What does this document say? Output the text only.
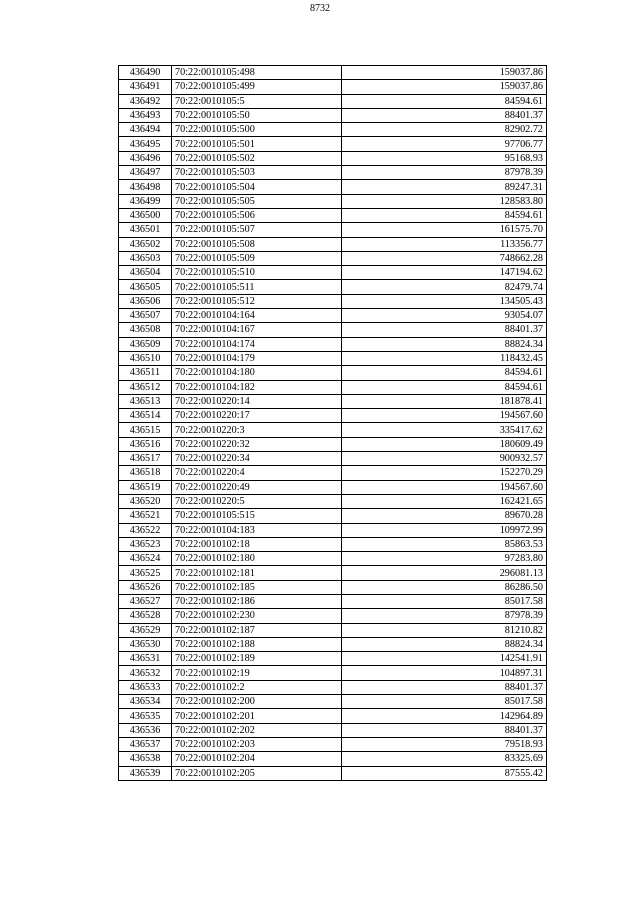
8732
436490	70:22:0010105:498	159037.86
436491	70:22:0010105:499	159037.86
436492	70:22:0010105:5	84594.61
436493	70:22:0010105:50	88401.37
436494	70:22:0010105:500	82902.72
436495	70:22:0010105:501	97706.77
436496	70:22:0010105:502	95168.93
436497	70:22:0010105:503	87978.39
436498	70:22:0010105:504	89247.31
436499	70:22:0010105:505	128583.80
436500	70:22:0010105:506	84594.61
436501	70:22:0010105:507	161575.70
436502	70:22:0010105:508	113356.77
436503	70:22:0010105:509	748662.28
436504	70:22:0010105:510	147194.62
436505	70:22:0010105:511	82479.74
436506	70:22:0010105:512	134505.43
436507	70:22:0010104:164	93054.07
436508	70:22:0010104:167	88401.37
436509	70:22:0010104:174	88824.34
436510	70:22:0010104:179	118432.45
436511	70:22:0010104:180	84594.61
436512	70:22:0010104:182	84594.61
436513	70:22:0010220:14	181878.41
436514	70:22:0010220:17	194567.60
436515	70:22:0010220:3	335417.62
436516	70:22:0010220:32	180609.49
436517	70:22:0010220:34	900932.57
436518	70:22:0010220:4	152270.29
436519	70:22:0010220:49	194567.60
436520	70:22:0010220:5	162421.65
436521	70:22:0010105:515	89670.28
436522	70:22:0010104:183	109972.99
436523	70:22:0010102:18	85863.53
436524	70:22:0010102:180	97283.80
436525	70:22:0010102:181	296081.13
436526	70:22:0010102:185	86286.50
436527	70:22:0010102:186	85017.58
436528	70:22:0010102:230	87978.39
436529	70:22:0010102:187	81210.82
436530	70:22:0010102:188	88824.34
436531	70:22:0010102:189	142541.91
436532	70:22:0010102:19	104897.31
436533	70:22:0010102:2	88401.37
436534	70:22:0010102:200	85017.58
436535	70:22:0010102:201	142964.89
436536	70:22:0010102:202	88401.37
436537	70:22:0010102:203	79518.93
436538	70:22:0010102:204	83325.69
436539	70:22:0010102:205	87555.42
